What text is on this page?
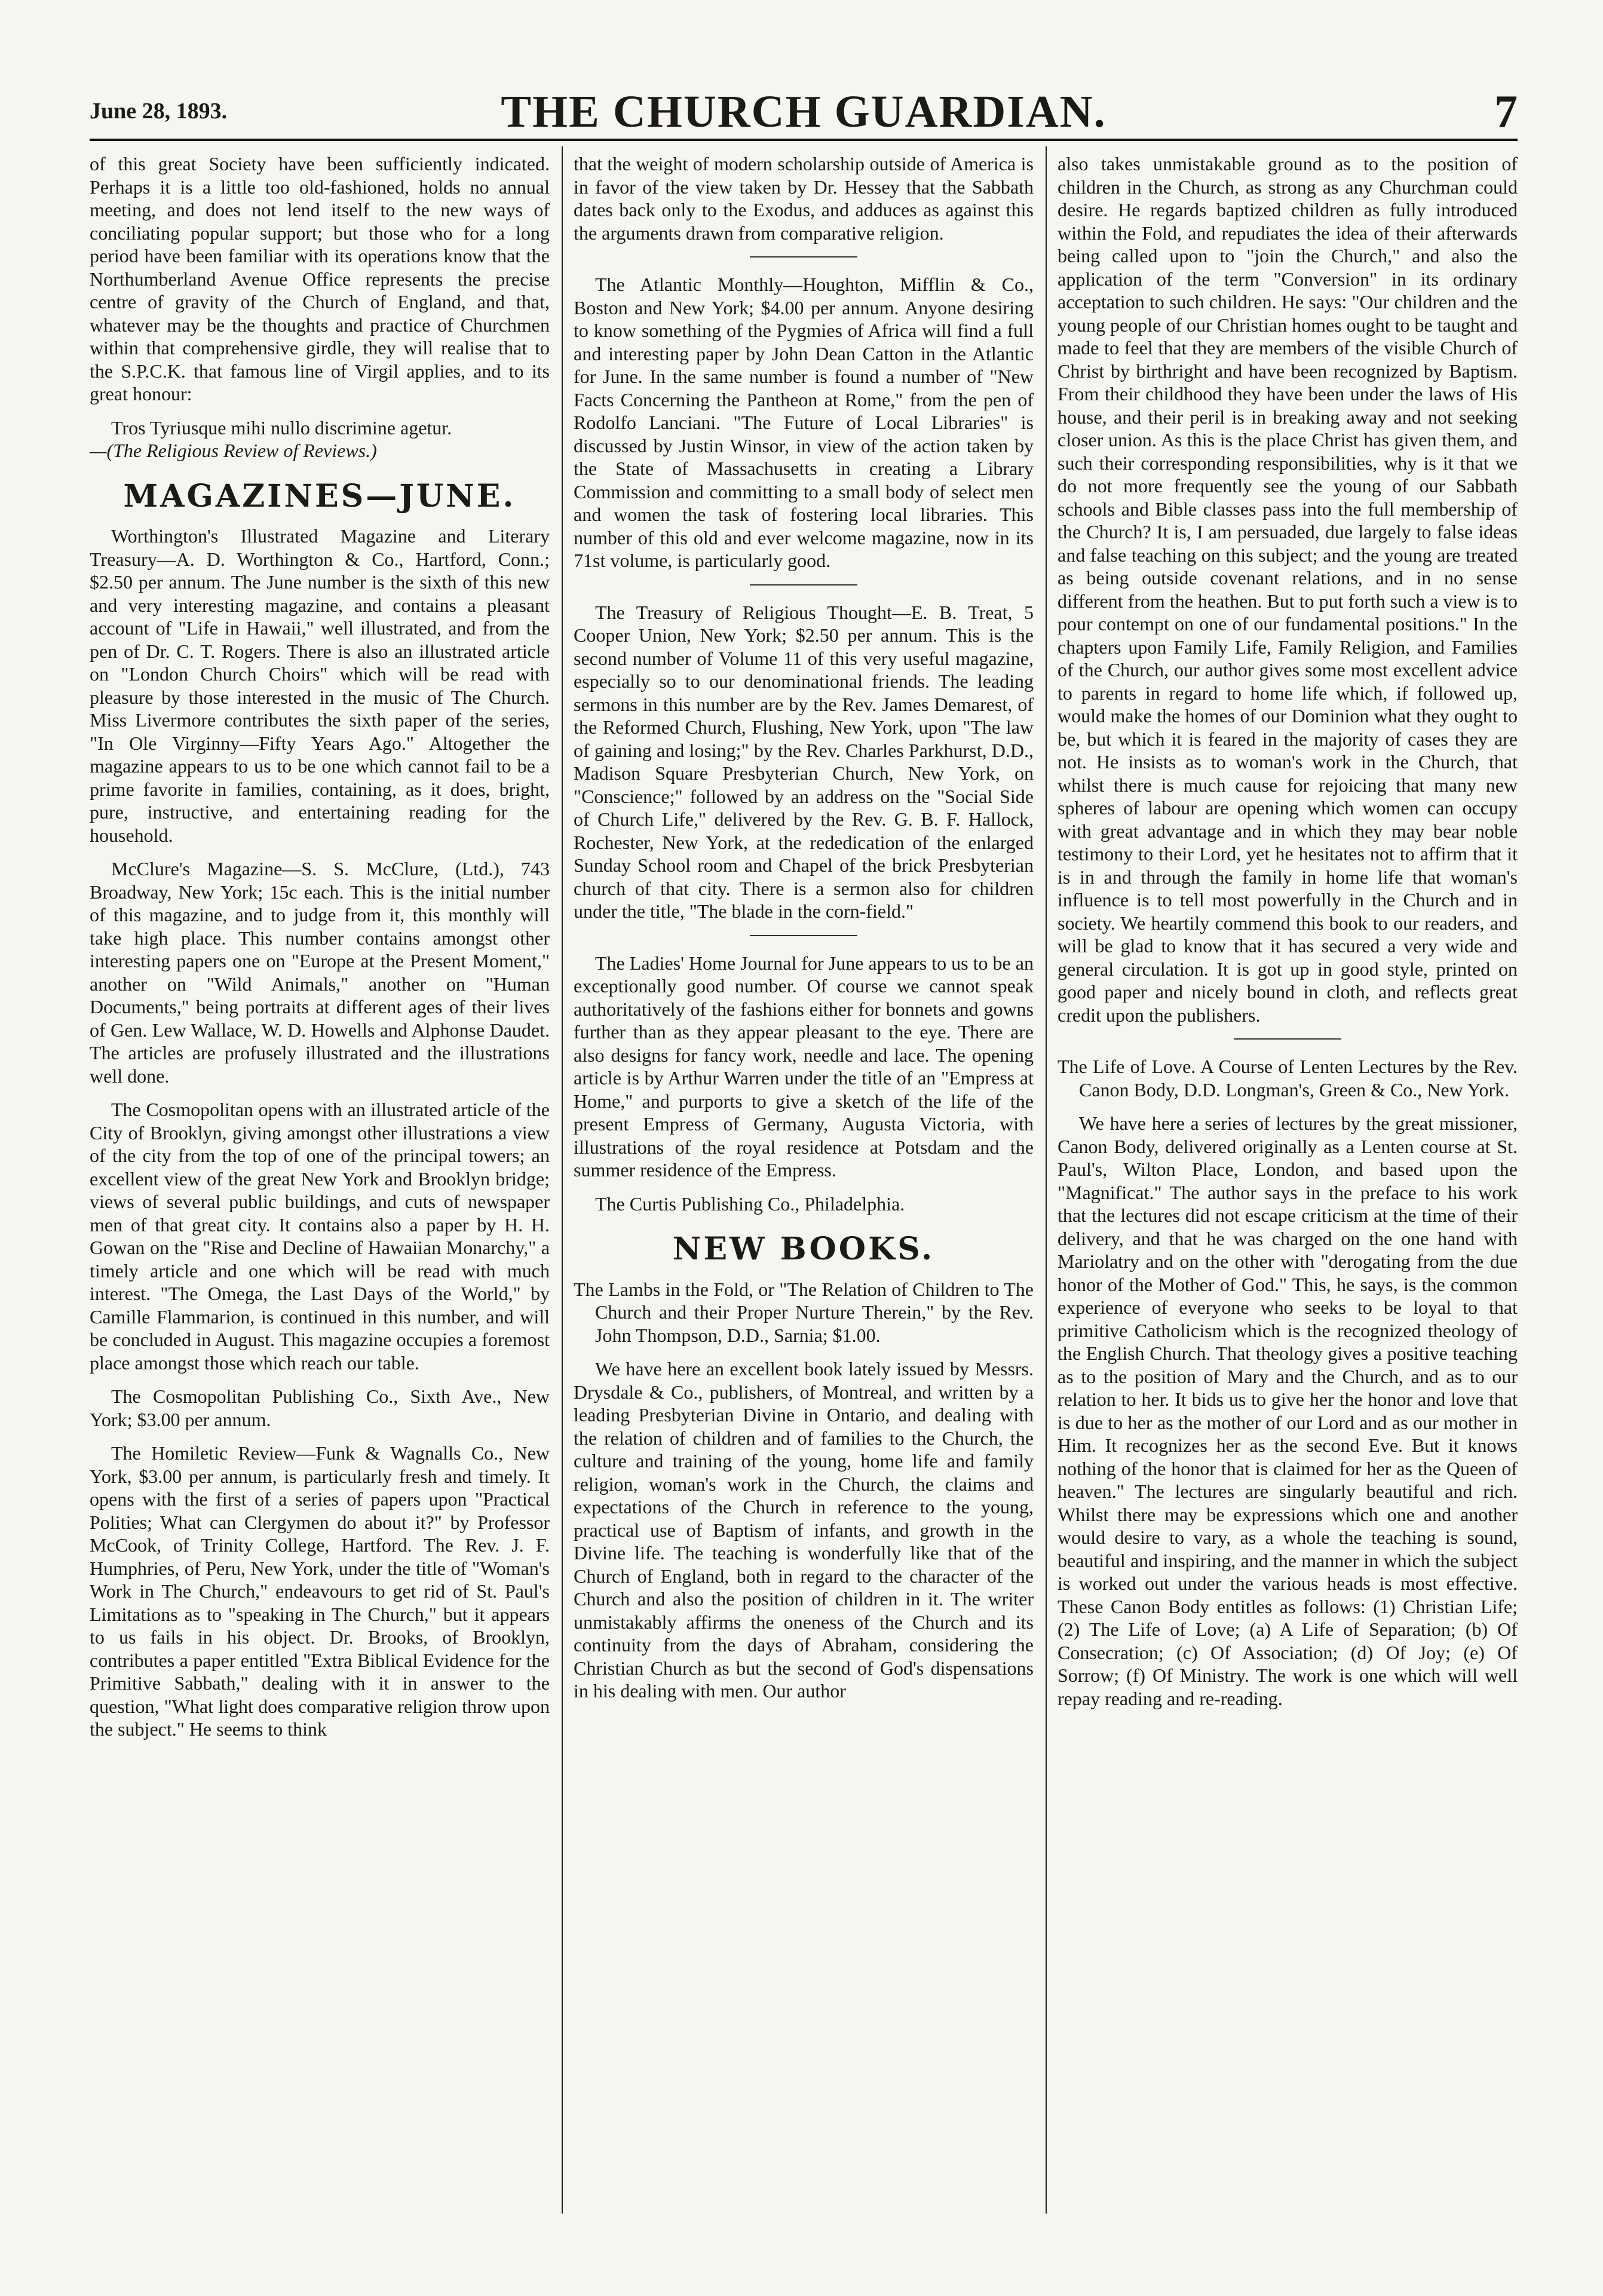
June 28, 1893.	THE CHURCH GUARDIAN.	7

of this great Society have been sufficiently indicated. Perhaps it is a little too old-fashioned, holds no annual meeting, and does not lend itself to the new ways of conciliating popular support; but those who for a long period have been familiar with its operations know that the Northumberland Avenue Office represents the precise centre of gravity of the Church of England, and that, whatever may be the thoughts and practice of Churchmen within that comprehensive girdle, they will realise that to the S.P.C.K. that famous line of Virgil applies, and to its great honour:

Tros Tyriusque mihi nullo discrimine agetur.

—(The Religious Review of Reviews.)

MAGAZINES—JUNE.

Worthington's Illustrated Magazine and Literary Treasury—A. D. Worthington & Co., Hartford, Conn.; $2.50 per annum. The June number is the sixth of this new and very interesting magazine, and contains a pleasant account of "Life in Hawaii," well illustrated, and from the pen of Dr. C. T. Rogers. There is also an illustrated article on "London Church Choirs" which will be read with pleasure by those interested in the music of The Church. Miss Livermore contributes the sixth paper of the series, "In Ole Virginny—Fifty Years Ago." Altogether the magazine appears to us to be one which cannot fail to be a prime favorite in families, containing, as it does, bright, pure, instructive, and entertaining reading for the household.

McClure's Magazine—S. S. McClure, (Ltd.), 743 Broadway, New York; 15c each. This is the initial number of this magazine, and to judge from it, this monthly will take high place. This number contains amongst other interesting papers one on "Europe at the Present Moment," another on "Wild Animals," another on "Human Documents," being portraits at different ages of their lives of Gen. Lew Wallace, W. D. Howells and Alphonse Daudet. The articles are profusely illustrated and the illustrations well done.

The Cosmopolitan opens with an illustrated article of the City of Brooklyn, giving amongst other illustrations a view of the city from the top of one of the principal towers; an excellent view of the great New York and Brooklyn bridge; views of several public buildings, and cuts of newspaper men of that great city. It contains also a paper by H. H. Gowan on the "Rise and Decline of Hawaiian Monarchy," a timely article and one which will be read with much interest. "The Omega, the Last Days of the World," by Camille Flammarion, is continued in this number, and will be concluded in August. This magazine occupies a foremost place amongst those which reach our table.

The Cosmopolitan Publishing Co., Sixth Ave., New York; $3.00 per annum.

The Homiletic Review—Funk & Wagnalls Co., New York, $3.00 per annum, is particularly fresh and timely. It opens with the first of a series of papers upon "Practical Polities; What can Clergymen do about it?" by Professor McCook, of Trinity College, Hartford. The Rev. J. F. Humphries, of Peru, New York, under the title of "Woman's Work in The Church," endeavours to get rid of St. Paul's Limitations as to "speaking in The Church," but it appears to us fails in his object. Dr. Brooks, of Brooklyn, contributes a paper entitled "Extra Biblical Evidence for the Primitive Sabbath," dealing with it in answer to the question, "What light does comparative religion throw upon the subject." He seems to think

that the weight of modern scholarship outside of America is in favor of the view taken by Dr. Hessey that the Sabbath dates back only to the Exodus, and adduces as against this the arguments drawn from comparative religion.

The Atlantic Monthly—Houghton, Mifflin & Co., Boston and New York; $4.00 per annum. Anyone desiring to know something of the Pygmies of Africa will find a full and interesting paper by John Dean Catton in the Atlantic for June. In the same number is found a number of "New Facts Concerning the Pantheon at Rome," from the pen of Rodolfo Lanciani. "The Future of Local Libraries" is discussed by Justin Winsor, in view of the action taken by the State of Massachusetts in creating a Library Commission and committing to a small body of select men and women the task of fostering local libraries. This number of this old and ever welcome magazine, now in its 71st volume, is particularly good.

The Treasury of Religious Thought—E. B. Treat, 5 Cooper Union, New York; $2.50 per annum. This is the second number of Volume 11 of this very useful magazine, especially so to our denominational friends. The leading sermons in this number are by the Rev. James Demarest, of the Reformed Church, Flushing, New York, upon "The law of gaining and losing;" by the Rev. Charles Parkhurst, D.D., Madison Square Presbyterian Church, New York, on "Conscience;" followed by an address on the "Social Side of Church Life," delivered by the Rev. G. B. F. Hallock, Rochester, New York, at the rededication of the enlarged Sunday School room and Chapel of the brick Presbyterian church of that city. There is a sermon also for children under the title, "The blade in the corn-field."

The Ladies' Home Journal for June appears to us to be an exceptionally good number. Of course we cannot speak authoritatively of the fashions either for bonnets and gowns further than as they appear pleasant to the eye. There are also designs for fancy work, needle and lace. The opening article is by Arthur Warren under the title of an "Empress at Home," and purports to give a sketch of the life of the present Empress of Germany, Augusta Victoria, with illustrations of the royal residence at Potsdam and the summer residence of the Empress.

The Curtis Publishing Co., Philadelphia.

NEW BOOKS.

The Lambs in the Fold, or "The Relation of Children to The Church and their Proper Nurture Therein," by the Rev. John Thompson, D.D., Sarnia; $1.00.

We have here an excellent book lately issued by Messrs. Drysdale & Co., publishers, of Montreal, and written by a leading Presbyterian Divine in Ontario, and dealing with the relation of children and of families to the Church, the culture and training of the young, home life and family religion, woman's work in the Church, the claims and expectations of the Church in reference to the young, practical use of Baptism of infants, and growth in the Divine life. The teaching is wonderfully like that of the Church of England, both in regard to the character of the Church and also the position of children in it. The writer unmistakably affirms the oneness of the Church and its continuity from the days of Abraham, considering the Christian Church as but the second of God's dispensations in his dealing with men. Our author

also takes unmistakable ground as to the position of children in the Church, as strong as any Churchman could desire. He regards baptized children as fully introduced within the Fold, and repudiates the idea of their afterwards being called upon to "join the Church," and also the application of the term "Conversion" in its ordinary acceptation to such children. He says: "Our children and the young people of our Christian homes ought to be taught and made to feel that they are members of the visible Church of Christ by birthright and have been recognized by Baptism. From their childhood they have been under the laws of His house, and their peril is in breaking away and not seeking closer union. As this is the place Christ has given them, and such their corresponding responsibilities, why is it that we do not more frequently see the young of our Sabbath schools and Bible classes pass into the full membership of the Church? It is, I am persuaded, due largely to false ideas and false teaching on this subject; and the young are treated as being outside covenant relations, and in no sense different from the heathen. But to put forth such a view is to pour contempt on one of our fundamental positions." In the chapters upon Family Life, Family Religion, and Families of the Church, our author gives some most excellent advice to parents in regard to home life which, if followed up, would make the homes of our Dominion what they ought to be, but which it is feared in the majority of cases they are not. He insists as to woman's work in the Church, that whilst there is much cause for rejoicing that many new spheres of labour are opening which women can occupy with great advantage and in which they may bear noble testimony to their Lord, yet he hesitates not to affirm that it is in and through the family in home life that woman's influence is to tell most powerfully in the Church and in society. We heartily commend this book to our readers, and will be glad to know that it has secured a very wide and general circulation. It is got up in good style, printed on good paper and nicely bound in cloth, and reflects great credit upon the publishers.

The Life of Love. A Course of Lenten Lectures by the Rev. Canon Body, D.D. Longman's, Green & Co., New York.

We have here a series of lectures by the great missioner, Canon Body, delivered originally as a Lenten course at St. Paul's, Wilton Place, London, and based upon the "Magnificat." The author says in the preface to his work that the lectures did not escape criticism at the time of their delivery, and that he was charged on the one hand with Mariolatry and on the other with "derogating from the due honor of the Mother of God." This, he says, is the common experience of everyone who seeks to be loyal to that primitive Catholicism which is the recognized theology of the English Church. That theology gives a positive teaching as to the position of Mary and the Church, and as to our relation to her. It bids us to give her the honor and love that is due to her as the mother of our Lord and as our mother in Him. It recognizes her as the second Eve. But it knows nothing of the honor that is claimed for her as the Queen of heaven." The lectures are singularly beautiful and rich. Whilst there may be expressions which one and another would desire to vary, as a whole the teaching is sound, beautiful and inspiring, and the manner in which the subject is worked out under the various heads is most effective. These Canon Body entitles as follows: (1) Christian Life; (2) The Life of Love; (a) A Life of Separation; (b) Of Consecration; (c) Of Association; (d) Of Joy; (e) Of Sorrow; (f) Of Ministry. The work is one which will well repay reading and re-reading.
